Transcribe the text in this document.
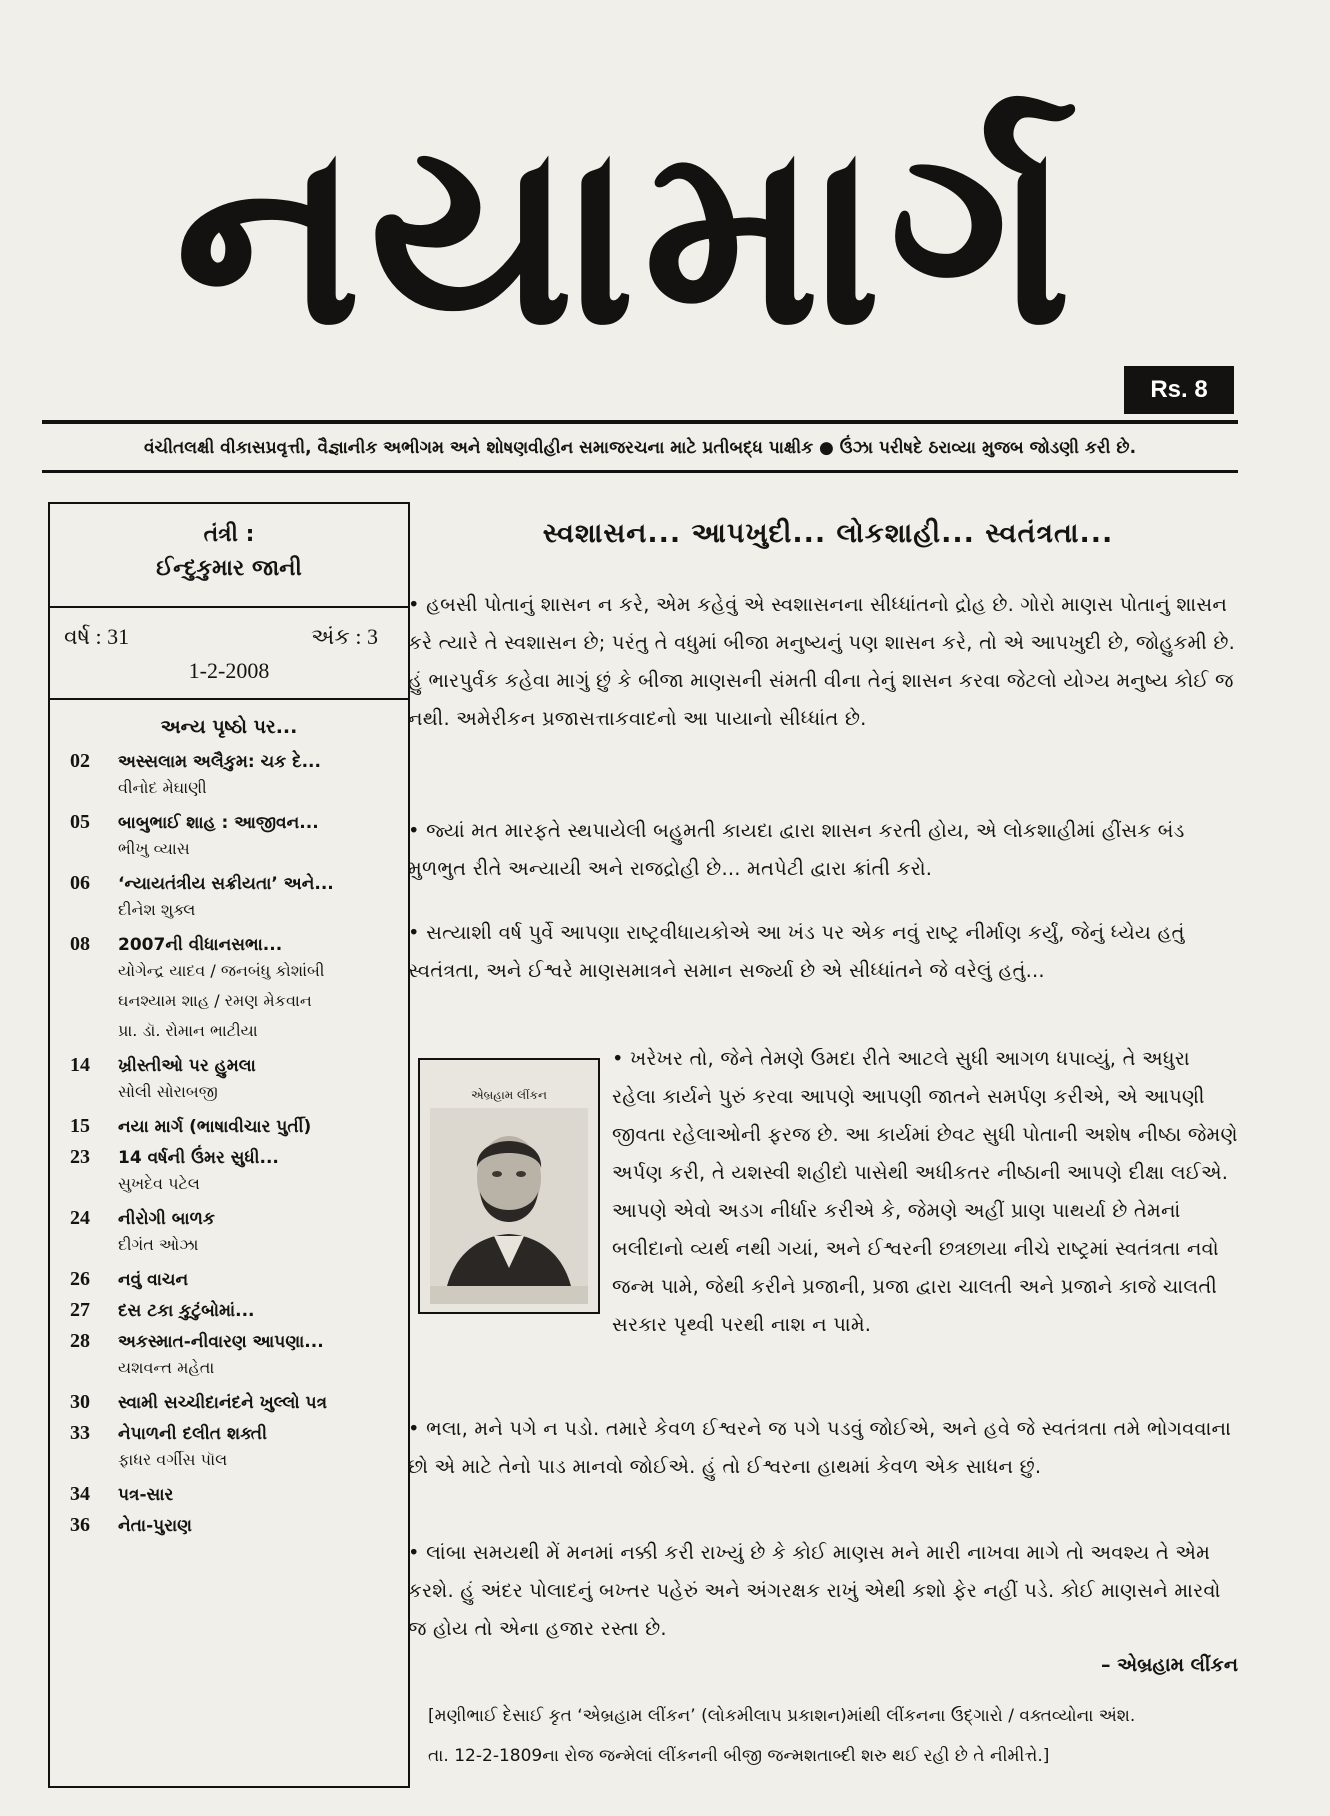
નયામાર્ગ
Rs. 8
વંચીતલક્ષી વીકાસપ્રવૃત્તી, વૈજ્ઞાનીક અભીગમ અને શોષણવીહીન સમાજરચના માટે પ્રતીબદ્ધ પાક્ષીક ● ઉંઝા પરીષદે ઠરાવ્યા મુજબ જોડણી કરી છે.
તંત્રી :
ઈન્દુકુમાર જાની
વર્ષ : 31	અંક : 3
1-2-2008
અન્ય પૃષ્ઠો પર...
02	અસ્સલામ અલૈકુમ: ચક દે...
વીનોદ મેઘાણી
05	બાબુભાઈ શાહ : આજીવન...
ભીખુ વ્યાસ
06	‘ન્યાયતંત્રીય સક્રીયતા’ અને...
દીનેશ શુક્લ
08	2007ની વીધાનસભા...
યોગેન્દ્ર યાદવ / જનબંધુ કોશાંબી
ઘનશ્યામ શાહ / રમણ મેકવાન
પ્રા. ડૉ. રોમાન ભાટીયા
14	ખ્રીસ્તીઓ પર હુમલા
સોલી સોરાબજી
15	નયા માર્ગ (ભાષાવીચાર પુર્તી)
23	14 વર્ષની ઉંમર સુધી...
સુખદેવ પટેલ
24	નીરોગી બાળક
દીગંત ઓઝા
26	નવું વાચન
27	દસ ટકા કુટુંબોમાં...
28	અકસ્માત-નીવારણ આપણા...
યશવન્ત મહેતા
30	સ્વામી સચ્ચીદાનંદને ખુલ્લો પત્ર
33	નેપાળની દલીત શક્તી
ફાધર વર્ગીસ પૉલ
34	પત્ર-સાર
36	નેતા-પુરાણ
સ્વશાસન... આપખુદી... લોકશાહી... સ્વતંત્રતા...

• હબસી પોતાનું શાસન ન કરે, એમ કહેવું એ સ્વશાસનના સીધ્ધાંતનો દ્રોહ છે. ગોરો માણસ પોતાનું શાસન કરે ત્યારે તે સ્વશાસન છે; પરંતુ તે વધુમાં બીજા મનુષ્યનું પણ શાસન કરે, તો એ આપખુદી છે, જોહુકમી છે. હું ભારપુર્વક કહેવા માગું છું કે બીજા માણસની સંમતી વીના તેનું શાસન કરવા જેટલો યોગ્ય મનુષ્ય કોઈ જ નથી. અમેરીકન પ્રજાસત્તાકવાદનો આ પાયાનો સીધ્ધાંત છે.

• જ્યાં મત મારફતે સ્થપાયેલી બહુમતી કાયદા દ્વારા શાસન કરતી હોય, એ લોકશાહીમાં હીંસક બંડ મુળભુત રીતે અન્યાયી અને રાજદ્રોહી છે... મતપેટી દ્વારા ક્રાંતી કરો.

• સત્યાશી વર્ષ પુર્વે આપણા રાષ્ટ્રવીધાયકોએ આ ખંડ પર એક નવું રાષ્ટ્ર નીર્માણ કર્યું, જેનું ધ્યેય હતું સ્વતંત્રતા, અને ઈશ્વરે માણસમાત્રને સમાન સર્જ્યા છે એ સીધ્ધાંતને જે વરેલું હતું...

એબ્રહામ લીંકન

• ખરેખર તો, જેને તેમણે ઉમદા રીતે આટલે સુધી આગળ ધપાવ્યું, તે અધુરા રહેલા કાર્યને પુરું કરવા આપણે આપણી જાતને સમર્પણ કરીએ, એ આપણી જીવતા રહેલાઓની ફરજ છે. આ કાર્યમાં છેવટ સુધી પોતાની અશેષ નીષ્ઠા જેમણે અર્પણ કરી, તે યશસ્વી શહીદો પાસેથી અધીકતર નીષ્ઠાની આપણે દીક્ષા લઈએ. આપણે એવો અડગ નીર્ધાર કરીએ કે, જેમણે અહીં પ્રાણ પાથર્યા છે તેમનાં બલીદાનો વ્યર્થ નથી ગયાં, અને ઈશ્વરની છત્રછાયા નીચે રાષ્ટ્રમાં સ્વતંત્રતા નવો જન્મ પામે, જેથી કરીને પ્રજાની, પ્રજા દ્વારા ચાલતી અને પ્રજાને કાજે ચાલતી સરકાર પૃથ્વી પરથી નાશ ન પામે.

• ભલા, મને પગે ન પડો. તમારે કેવળ ઈશ્વરને જ પગે પડવું જોઈએ, અને હવે જે સ્વતંત્રતા તમે ભોગવવાના છો એ માટે તેનો પાડ માનવો જોઈએ. હું તો ઈશ્વરના હાથમાં કેવળ એક સાધન છું.

• લાંબા સમયથી મેં મનમાં નક્કી કરી રાખ્યું છે કે કોઈ માણસ મને મારી નાખવા માગે તો અવશ્ય તે એમ કરશે. હું અંદર પોલાદનું બખ્તર પહેરું અને અંગરક્ષક રાખું એથી કશો ફેર નહીં પડે. કોઈ માણસને મારવો જ હોય તો એના હજાર રસ્તા છે.

– એબ્રહામ લીંકન

[મણીભાઈ દેસાઈ કૃત ‘એબ્રહામ લીંકન’ (લોકમીલાપ પ્રકાશન)માંથી લીંકનના ઉદ્ગારો / વક્તવ્યોના અંશ.
તા. 12-2-1809ના રોજ જન્મેલાં લીંકનની બીજી જન્મશતાબ્દી શરુ થઈ રહી છે તે નીમીત્તે.]
